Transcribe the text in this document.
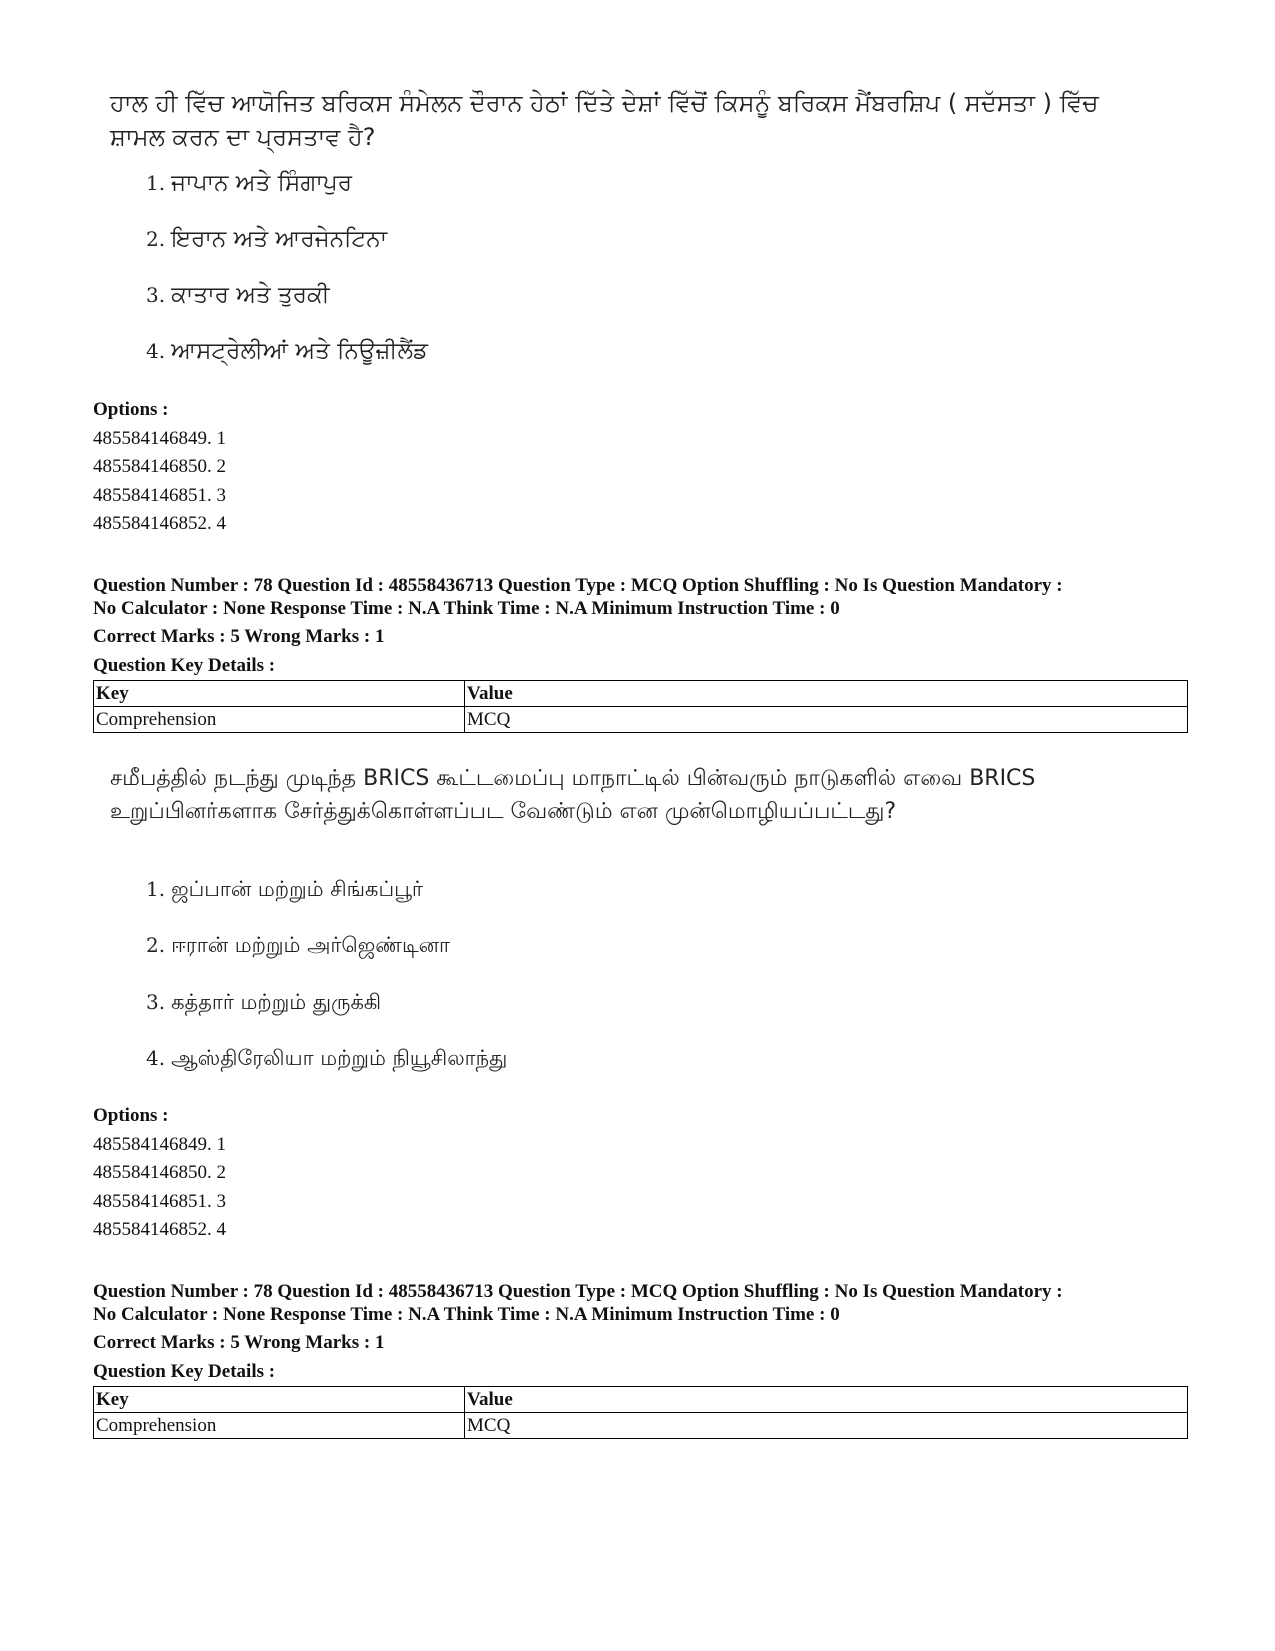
ਹਾਲ ਹੀ ਵਿੱਚ ਆਯੋਜਿਤ ਬਰਿਕਸ ਸੰਮੇਲਨ ਦੌਰਾਨ ਹੇਠਾਂ ਦਿੱਤੇ ਦੇਸ਼ਾਂ ਵਿੱਚੋਂ ਕਿਸਨੂੰ ਬਰਿਕਸ ਮੈਂਬਰਸ਼ਿਪ ( ਸਦੱਸਤਾ ) ਵਿੱਚ ਸ਼ਾਮਲ ਕਰਨ ਦਾ ਪ੍ਰਸਤਾਵ ਹੈ?

1. ਜਾਪਾਨ ਅਤੇ ਸਿੰਗਾਪੁਰ
2. ਇਰਾਨ ਅਤੇ ਆਰਜੇਨਟਿਨਾ
3. ਕਾਤਾਰ ਅਤੇ ਤੁਰਕੀ
4. ਆਸਟ੍ਰੇਲੀਆਂ ਅਤੇ ਨਿਊਜ਼ੀਲੈਂਡ
Options :
485584146849. 1
485584146850. 2
485584146851. 3
485584146852. 4
Question Number : 78 Question Id : 48558436713 Question Type : MCQ Option Shuffling : No Is Question Mandatory :
No Calculator : None Response Time : N.A Think Time : N.A Minimum Instruction Time : 0
Correct Marks : 5 Wrong Marks : 1
Question Key Details :
Key	Value
Comprehension	MCQ

சமீபத்தில் நடந்து முடிந்த BRICS கூட்டமைப்பு மாநாட்டில் பின்வரும் நாடுகளில் எவை BRICS உறுப்பினர்களாக சேர்த்துக்கொள்ளப்பட வேண்டும் என முன்மொழியப்பட்டது?

1. ஜப்பான் மற்றும் சிங்கப்பூர்
2. ஈரான் மற்றும் அர்ஜெண்டினா
3. கத்தார் மற்றும் துருக்கி
4. ஆஸ்திரேலியா மற்றும் நியூசிலாந்து
Options :
485584146849. 1
485584146850. 2
485584146851. 3
485584146852. 4
Question Number : 78 Question Id : 48558436713 Question Type : MCQ Option Shuffling : No Is Question Mandatory :
No Calculator : None Response Time : N.A Think Time : N.A Minimum Instruction Time : 0
Correct Marks : 5 Wrong Marks : 1
Question Key Details :
Key	Value
Comprehension	MCQ
